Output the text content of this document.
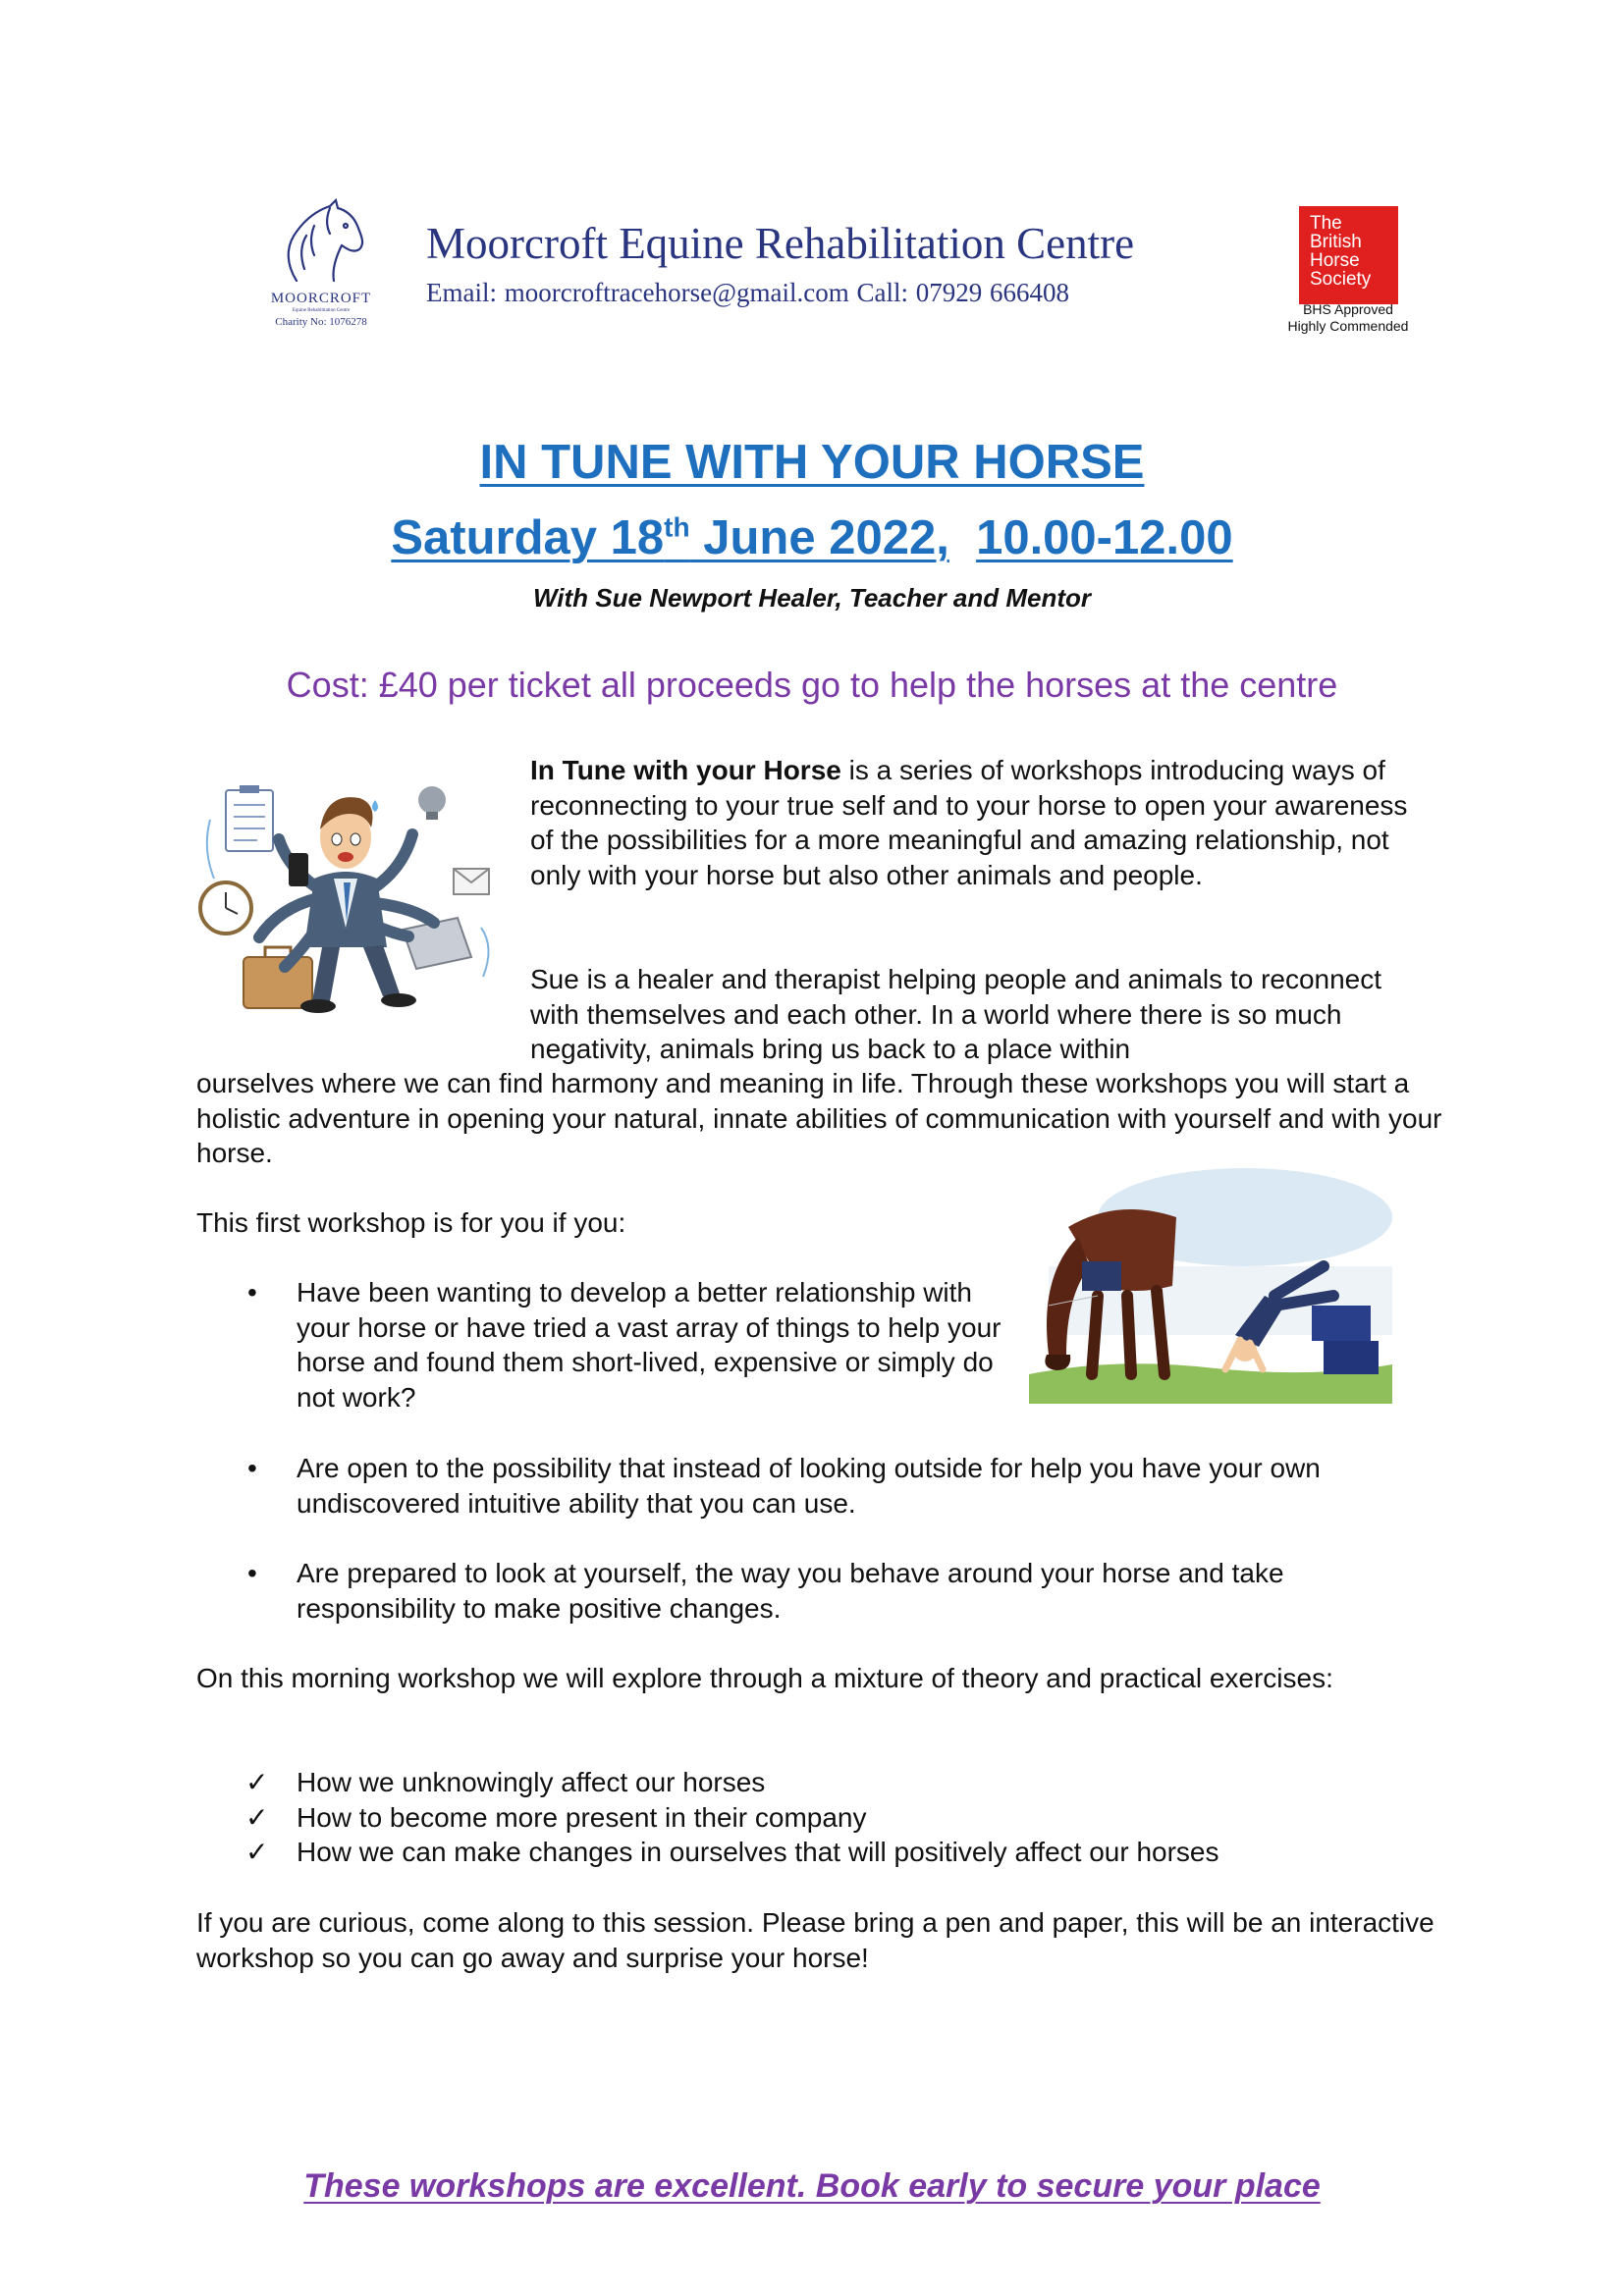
MOORCROFT
Equine Rehabilitation Centre
Charity No: 1076278
Moorcroft Equine Rehabilitation Centre
Email: moorcroftracehorse@gmail.com Call: 07929 666408
The
British
Horse
Society
BHS Approved
Highly Commended
IN TUNE WITH YOUR HORSE
Saturday 18th June 2022, 10.00-12.00
With Sue Newport Healer, Teacher and Mentor
Cost: £40 per ticket all proceeds go to help the horses at the centre

In Tune with your Horse is a series of workshops introducing ways of reconnecting to your true self and to your horse to open your awareness of the possibilities for a more meaningful and amazing relationship, not only with your horse but also other animals and people.

Sue is a healer and therapist helping people and animals to reconnect with themselves and each other. In a world where there is so much negativity, animals bring us back to a place within

ourselves where we can find harmony and meaning in life. Through these workshops you will start a holistic adventure in opening your natural, innate abilities of communication with yourself and with your horse.

This first workshop is for you if you:

• Have been wanting to develop a better relationship with your horse or have tried a vast array of things to help your horse and found them short-lived, expensive or simply do not work?
• Are open to the possibility that instead of looking outside for help you have your own undiscovered intuitive ability that you can use.
• Are prepared to look at yourself, the way you behave around your horse and take responsibility to make positive changes.

On this morning workshop we will explore through a mixture of theory and practical exercises:

✓ How we unknowingly affect our horses
✓ How to become more present in their company
✓ How we can make changes in ourselves that will positively affect our horses

If you are curious, come along to this session. Please bring a pen and paper, this will be an interactive workshop so you can go away and surprise your horse!

These workshops are excellent. Book early to secure your place
